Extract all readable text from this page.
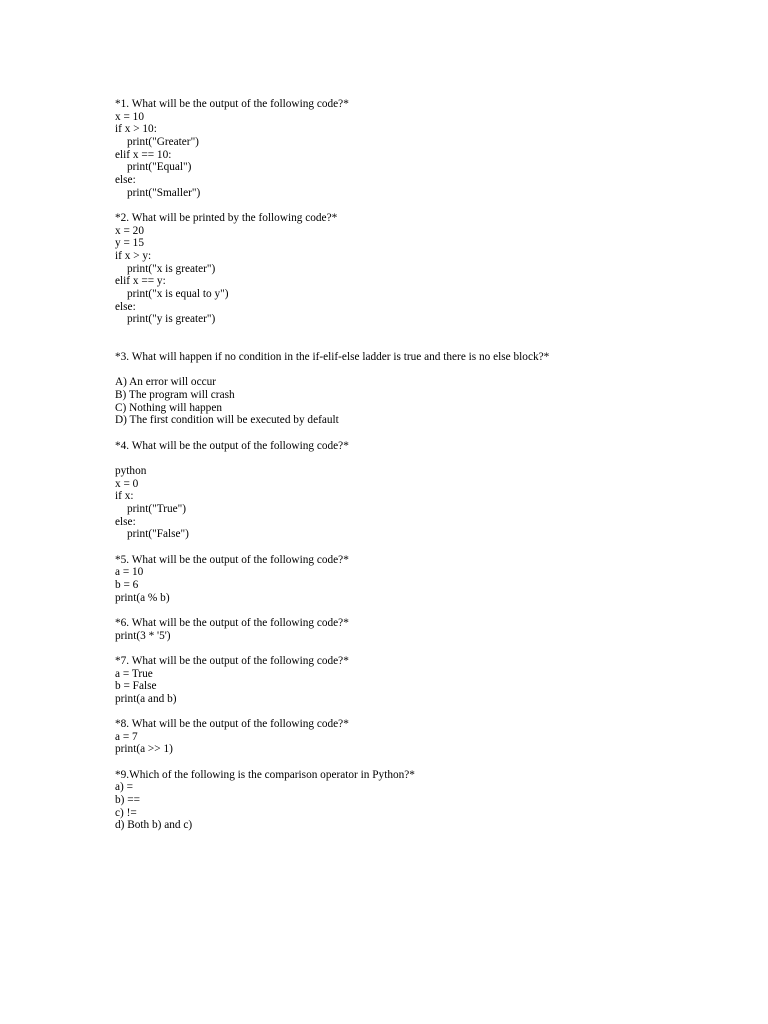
*1. What will be the output of the following code?*
x = 10
if x > 10:
print("Greater")
elif x == 10:
print("Equal")
else:
print("Smaller")
*2. What will be printed by the following code?*
x = 20
y = 15
if x > y:
print("x is greater")
elif x == y:
print("x is equal to y")
else:
print("y is greater")
*3. What will happen if no condition in the if-elif-else ladder is true and there is no else block?*
A) An error will occur
B) The program will crash
C) Nothing will happen
D) The first condition will be executed by default
*4. What will be the output of the following code?*
python
x = 0
if x:
print("True")
else:
print("False")
*5. What will be the output of the following code?*
a = 10
b = 6
print(a % b)
*6. What will be the output of the following code?*
print(3 * '5')
*7. What will be the output of the following code?*
a = True
b = False
print(a and b)
*8. What will be the output of the following code?*
a = 7
print(a >> 1)
*9.Which of the following is the comparison operator in Python?*
a) =
b) ==
c) !=
d) Both b) and c)
